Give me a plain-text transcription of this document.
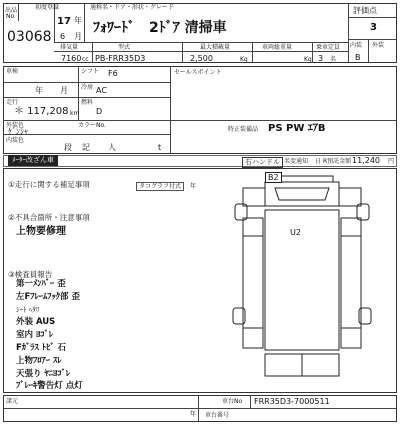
出品
No
03068
初度登録
17 年
6 月
通称名・ドア・形状・グレード
ﾌｫﾜｰﾄﾞ　2ﾄﾞｱ 清掃車
評価点
3
内装 外装
B
排気量
7160 cc
型式
PB-FRR35D3
最大積載量
2,500	Kg
車両総重量
Kg
乗車定員
3 名
車検
年 月
シフト F6
冷房 AC
走行
＊ 117,208 km
燃料
D
外装色
ｹﾞﾝｼｬ
カラーNo.
内装色
セールスポイント
時正装備品 PS PW ｴｱB
ﾒｰﾀｰ改ざん車
記
段	人	t
右ハンドル 名変通知 日 R預託金額 11,240 円
①走行に関する補足事項	タコグラフ付式	年
②不具合箇所・注意事項
上物要修理
③検査員報告
第一ﾒﾝﾊﾞｰ 歪
左Fﾌﾚｰﾑﾌｯｸ部 歪
ｼｰﾄ ﾍﾀﾘ
外装 AUS
室内 ﾖｺﾞﾚ
Fｶﾞﾗｽ ﾄﾋﾞ 石
上物ﾌﾛｱｰ ｽﾚ
天張り ﾔﾆﾖｺﾞﾚ
ﾌﾞﾚｰｷ警告灯 点灯
B2
U2
諸元
年
車台No
車台番号
FRR35D3-7000511
